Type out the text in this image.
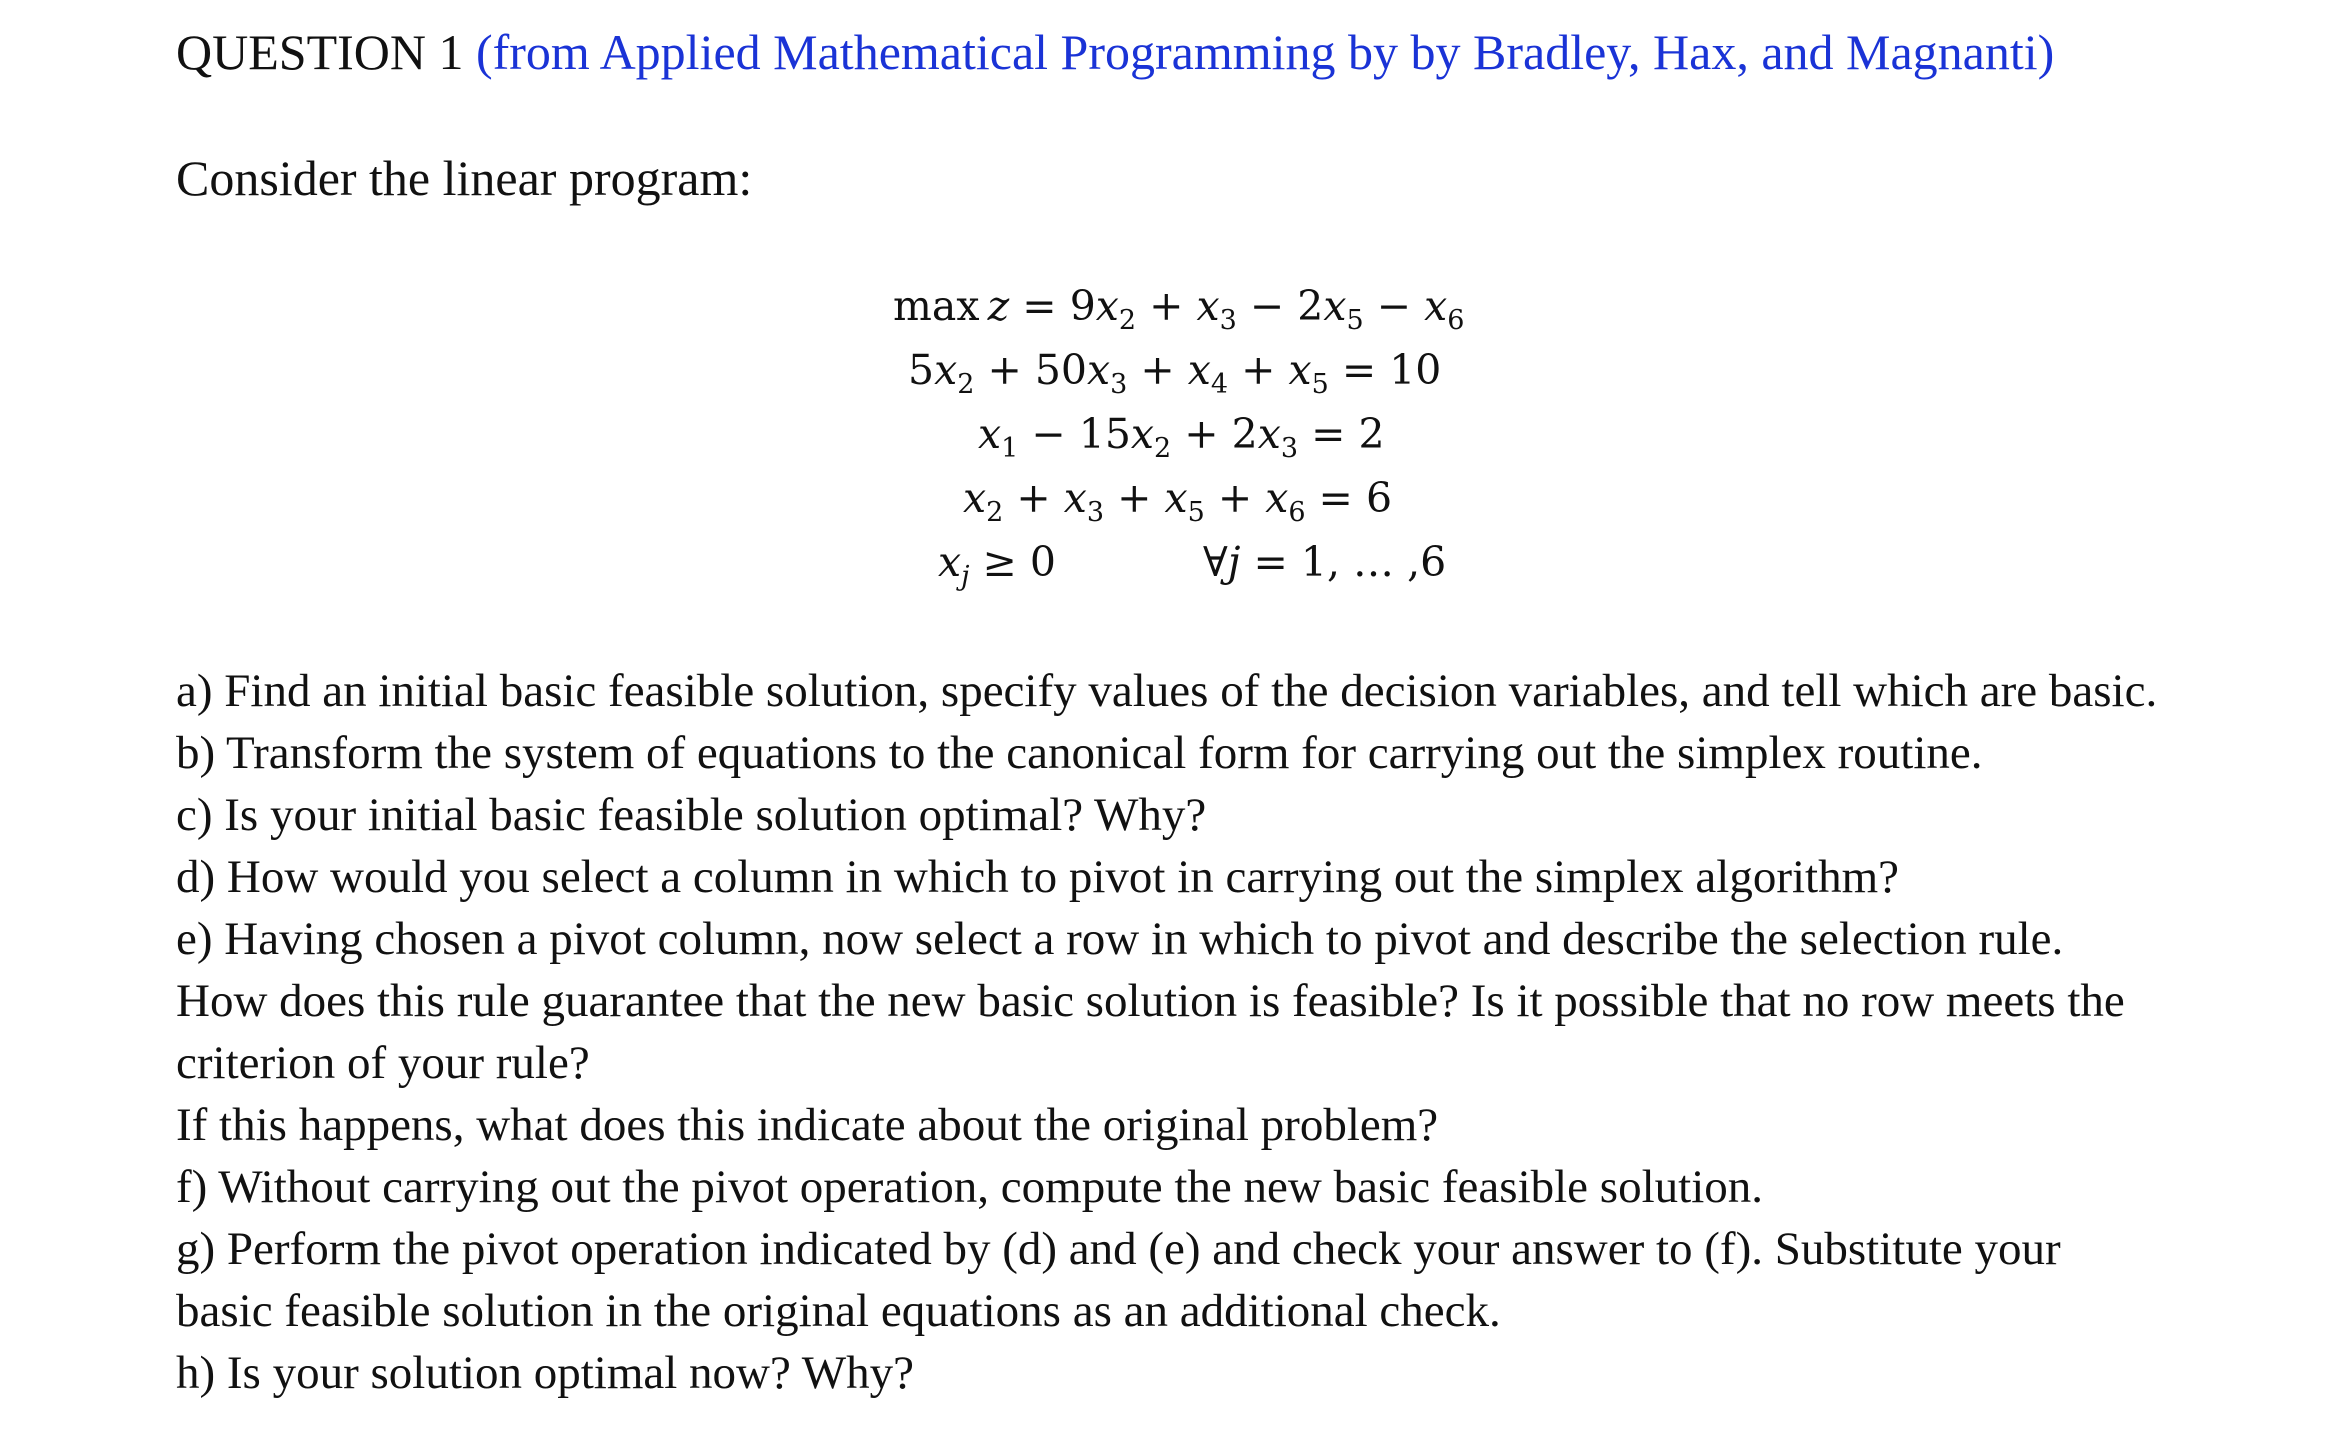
QUESTION 1 (from Applied Mathematical Programming by by Bradley, Hax, and Magnanti)
Consider the linear program:
$\max z = 9x_2 + x_3 - 2x_5 - x_6$
$5x_2 + 50x_3 + x_4 + x_5 = 10$
$x_1 - 15x_2 + 2x_3 = 2$
$x_2 + x_3 + x_5 + x_6 = 6$
$x_j \ge 0$	∀j = 1, … ,6
a) Find an initial basic feasible solution, specify values of the decision variables, and tell which are basic.
b) Transform the system of equations to the canonical form for carrying out the simplex routine.
c) Is your initial basic feasible solution optimal? Why?
d) How would you select a column in which to pivot in carrying out the simplex algorithm?
e) Having chosen a pivot column, now select a row in which to pivot and describe the selection rule.
How does this rule guarantee that the new basic solution is feasible? Is it possible that no row meets the
criterion of your rule?
If this happens, what does this indicate about the original problem?
f) Without carrying out the pivot operation, compute the new basic feasible solution.
g) Perform the pivot operation indicated by (d) and (e) and check your answer to (f). Substitute your
basic feasible solution in the original equations as an additional check.
h) Is your solution optimal now? Why?
